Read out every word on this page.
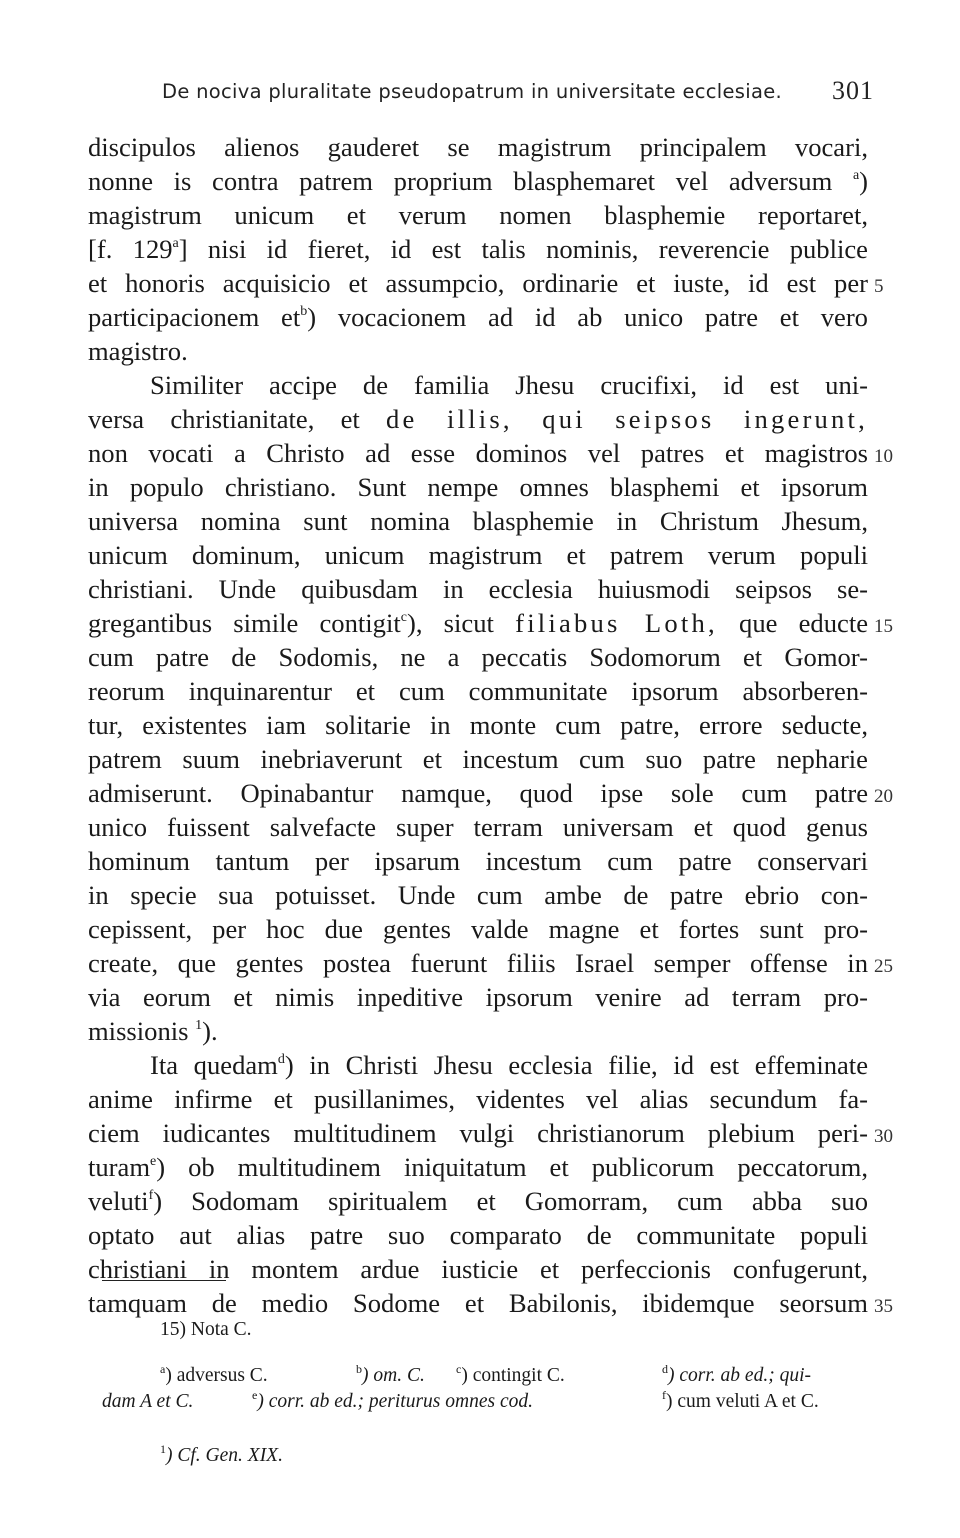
De nociva pluralitate pseudopatrum in universitate ecclesiae. 301
discipulos alienos gauderet se magistrum principalem vocari,
nonne is contra patrem proprium blasphemaret vel adversum $^a$)
magistrum unicum et verum nomen blasphemie reportaret,
[f. 129$^a$] nisi id fieret, id est talis nominis, reverencie publice
et honoris acquisicio et assumpcio, ordinarie et iuste, id est per
participacionem $et^b$) vocacionem ad id ab unico patre et vero
magistro.
Similiter accipe de familia Jhesu crucifixi, id est uni-
versa christianitate, et de illis, qui seipsos ingerunt,
non vocati a Christo ad esse dominos vel patres et magistros
in populo christiano. Sunt nempe omnes blasphemi et ipsorum
universa nomina sunt nomina blasphemie in Christum Jhesum,
unicum dominum, unicum magistrum et patrem verum populi
christiani. Unde quibusdam in ecclesia huiusmodi seipsos se-
gregantibus simile contigit$^c$), sicut filiabus Loth, que educte
cum patre de Sodomis, ne a peccatis Sodomorum et Gomor-
reorum inquinarentur et cum communitate ipsorum absorberen-
tur, existentes iam solitarie in monte cum patre, errore seducte,
patrem suum inebriaverunt et incestum cum suo patre nepharie
admiserunt. Opinabantur namque, quod ipse sole cum patre
unico fuissent salvefacte super terram universam et quod genus
hominum tantum per ipsarum incestum cum patre conservari
in specie sua potuisset. Unde cum ambe de patre ebrio con-
cepissent, per hoc due gentes valde magne et fortes sunt pro-
create, que gentes postea fuerunt filiis Israel semper offense in
via eorum et nimis inpeditive ipsorum venire ad terram pro-
missionis $^1$).
Ita quedam$^d$) in Christi Jhesu ecclesia filie, id est effeminate
anime infirme et pusillanimes, videntes vel alias secundum fa-
ciem iudicantes multitudinem vulgi christianorum plebium peri-
turam$^e$) ob multitudinem iniquitatum et publicorum peccatorum,
veluti$^f$) Sodomam spiritualem et Gomorram, cum abba suo
optato aut alias patre suo comparato de communitate populi
christiani in montem ardue iusticie et perfeccionis confugerunt,
tamquam de medio Sodome et Babilonis, ibidemque seorsum
5
10
15
20
25
30
35
15) Nota C.
$^a$) adversus C.	$^b$) om. C.	$^c$) contingit C.	$^d$) corr. ab ed.; qui-
dam A et C.	$^e$) corr. ab ed.; periturus omnes cod.	$^f$) cum veluti A et C.
$^1$) Cf. Gen. XIX.
